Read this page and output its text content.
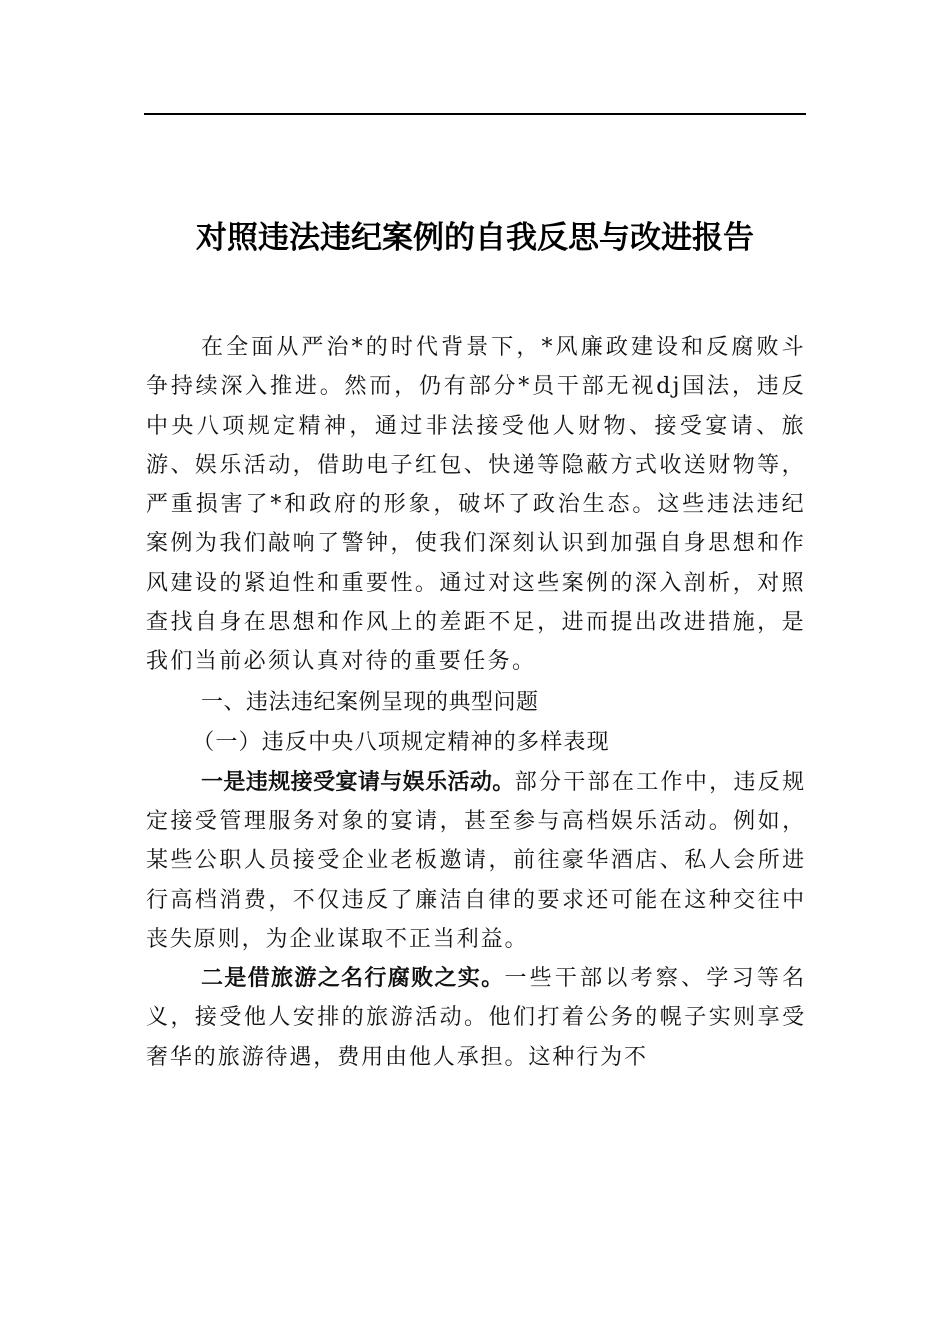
对照违法违纪案例的自我反思与改进报告

在全面从严治*的时代背景下，*风廉政建设和反腐败斗争持续深入推进。然而，仍有部分*员干部无视dj国法，违反中央八项规定精神，通过非法接受他人财物、接受宴请、旅游、娱乐活动，借助电子红包、快递等隐蔽方式收送财物等，严重损害了*和政府的形象，破坏了政治生态。这些违法违纪案例为我们敲响了警钟，使我们深刻认识到加强自身思想和作风建设的紧迫性和重要性。通过对这些案例的深入剖析，对照查找自身在思想和作风上的差距不足，进而提出改进措施，是我们当前必须认真对待的重要任务。

一、违法违纪案例呈现的典型问题

（一）违反中央八项规定精神的多样表现

一是违规接受宴请与娱乐活动。部分干部在工作中，违反规定接受管理服务对象的宴请，甚至参与高档娱乐活动。例如，某些公职人员接受企业老板邀请，前往豪华酒店、私人会所进行高档消费，不仅违反了廉洁自律的要求还可能在这种交往中丧失原则，为企业谋取不正当利益。

二是借旅游之名行腐败之实。一些干部以考察、学习等名义，接受他人安排的旅游活动。他们打着公务的幌子实则享受奢华的旅游待遇，费用由他人承担。这种行为不
